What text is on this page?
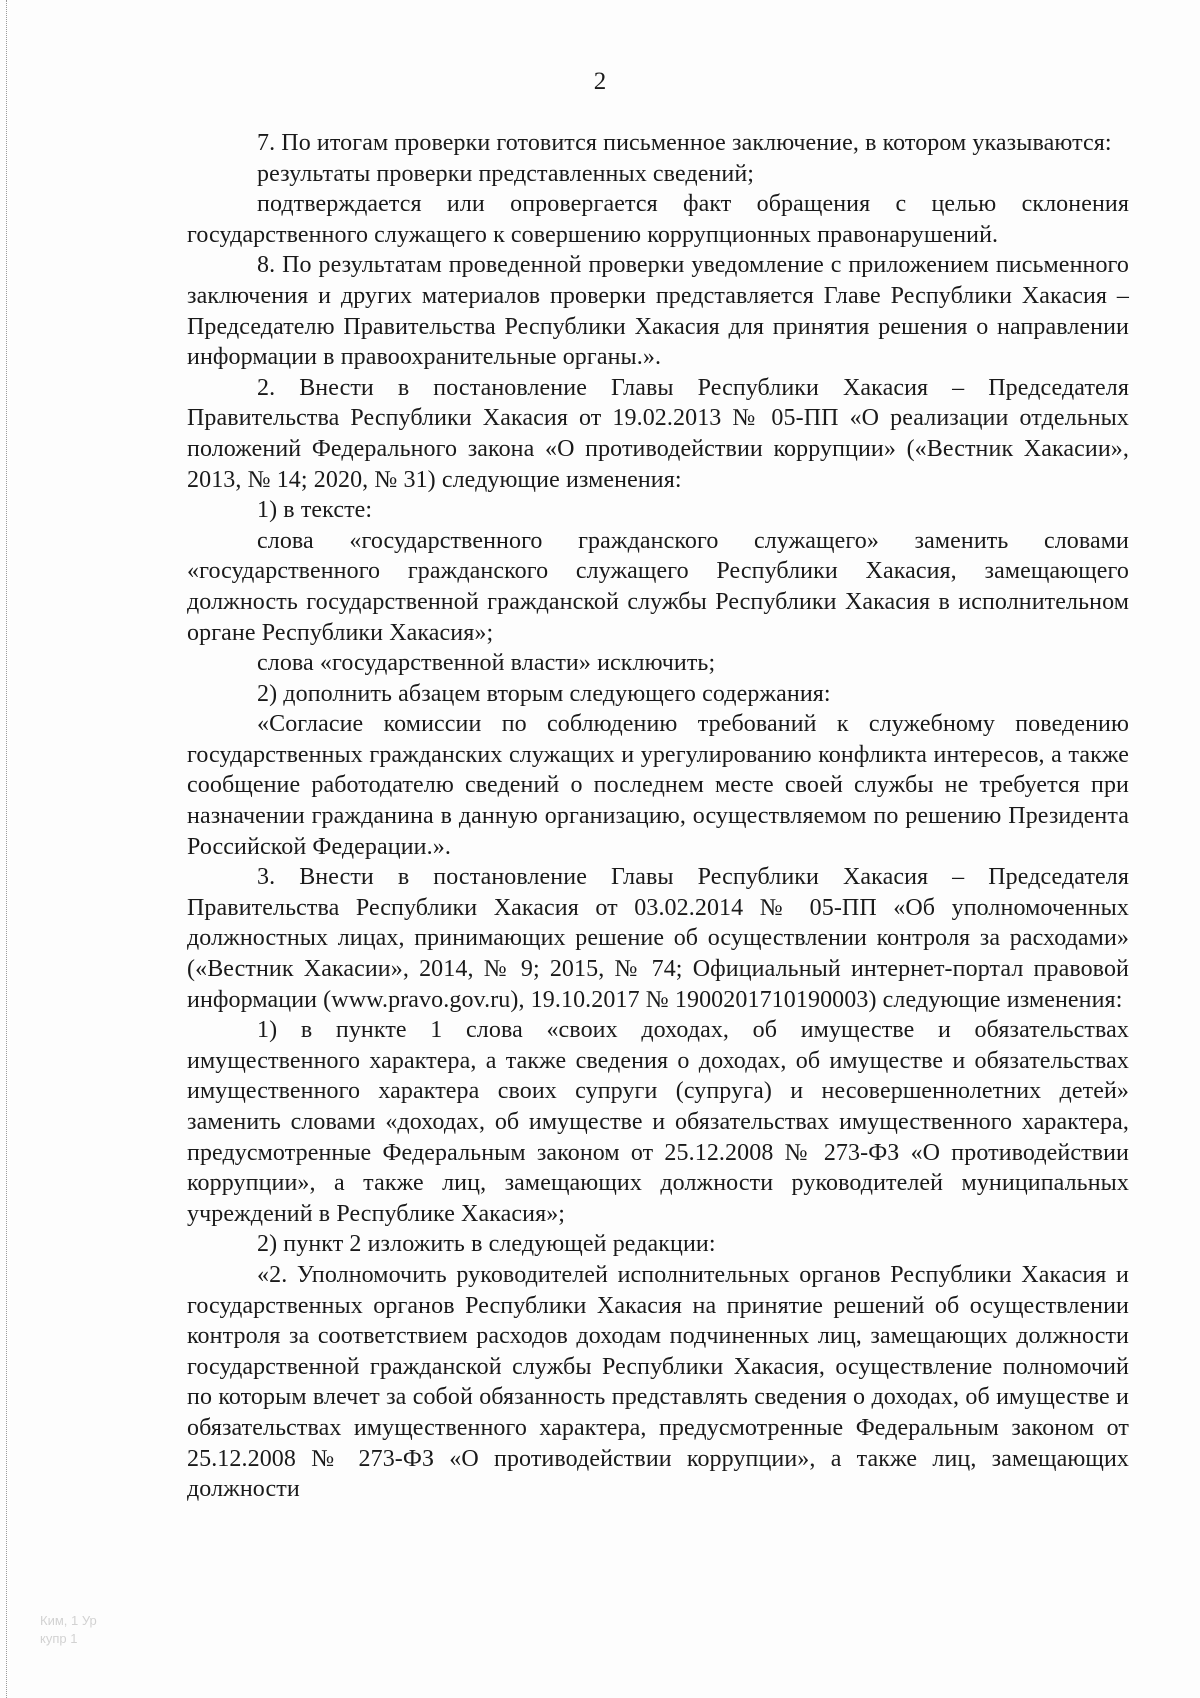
2

7. По итогам проверки готовится письменное заключение, в котором указываются:

результаты проверки представленных сведений;

подтверждается или опровергается факт обращения с целью склонения государственного служащего к совершению коррупционных правонарушений.

8. По результатам проведенной проверки уведомление с приложением письменного заключения и других материалов проверки представляется Главе Республики Хакасия – Председателю Правительства Республики Хакасия для принятия решения о направлении информации в правоохранительные органы.».

2. Внести в постановление Главы Республики Хакасия – Председателя Правительства Республики Хакасия от 19.02.2013 № 05-ПП «О реализации отдельных положений Федерального закона «О противодействии коррупции» («Вестник Хакасии», 2013, № 14; 2020, № 31) следующие изменения:

1) в тексте:

слова «государственного гражданского служащего» заменить словами «государственного гражданского служащего Республики Хакасия, замещающего должность государственной гражданской службы Республики Хакасия в исполнительном органе Республики Хакасия»;

слова «государственной власти» исключить;

2) дополнить абзацем вторым следующего содержания:

«Согласие комиссии по соблюдению требований к служебному поведению государственных гражданских служащих и урегулированию конфликта интересов, а также сообщение работодателю сведений о последнем месте своей службы не требуется при назначении гражданина в данную организацию, осуществляемом по решению Президента Российской Федерации.».

3. Внести в постановление Главы Республики Хакасия – Председателя Правительства Республики Хакасия от 03.02.2014 № 05-ПП «Об уполномоченных должностных лицах, принимающих решение об осуществлении контроля за расходами» («Вестник Хакасии», 2014, № 9; 2015, № 74; Официальный интернет-портал правовой информации (www.pravo.gov.ru), 19.10.2017 № 1900201710190003) следующие изменения:

1) в пункте 1 слова «своих доходах, об имуществе и обязательствах имущественного характера, а также сведения о доходах, об имуществе и обязательствах имущественного характера своих супруги (супруга) и несовершеннолетних детей» заменить словами «доходах, об имуществе и обязательствах имущественного характера, предусмотренные Федеральным законом от 25.12.2008 № 273-ФЗ «О противодействии коррупции», а также лиц, замещающих должности руководителей муниципальных учреждений в Республике Хакасия»;

2) пункт 2 изложить в следующей редакции:

«2. Уполномочить руководителей исполнительных органов Республики Хакасия и государственных органов Республики Хакасия на принятие решений об осуществлении контроля за соответствием расходов доходам подчиненных лиц, замещающих должности государственной гражданской службы Республики Хакасия, осуществление полномочий по которым влечет за собой обязанность представлять сведения о доходах, об имуществе и обязательствах имущественного характера, предусмотренные Федеральным законом от 25.12.2008 № 273-ФЗ «О противодействии коррупции», а также лиц, замещающих должности

Ким, 1 Ур
купр 1
